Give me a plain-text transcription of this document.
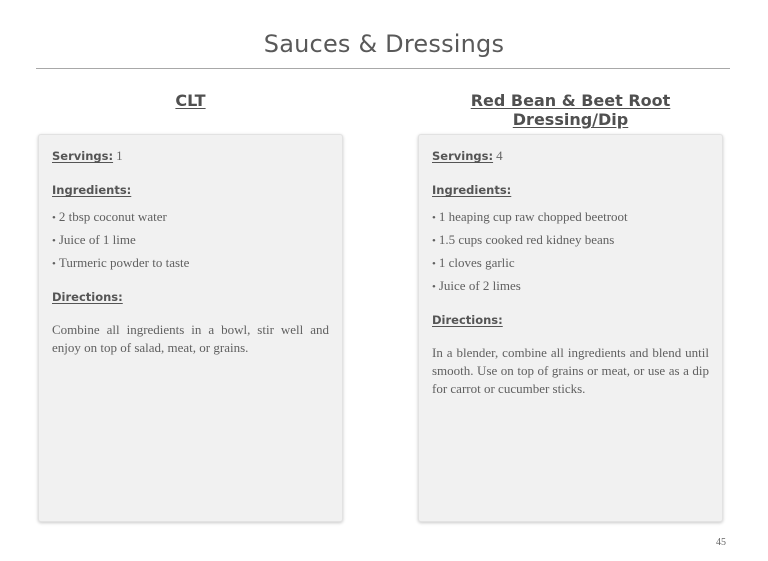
Sauces & Dressings
CLT
Servings: 1
Ingredients:
• 2 tbsp coconut water
• Juice of 1 lime
• Turmeric powder to taste
Directions:
Combine all ingredients in a bowl, stir well and enjoy on top of salad, meat, or grains.
Red Bean & Beet Root Dressing/Dip
Servings: 4
Ingredients:
• 1 heaping cup raw chopped beetroot
• 1.5 cups cooked red kidney beans
• 1 cloves garlic
• Juice of 2 limes
Directions:
In a blender, combine all ingredients and blend until smooth. Use on top of grains or meat, or use as a dip for carrot or cucumber sticks.
45
